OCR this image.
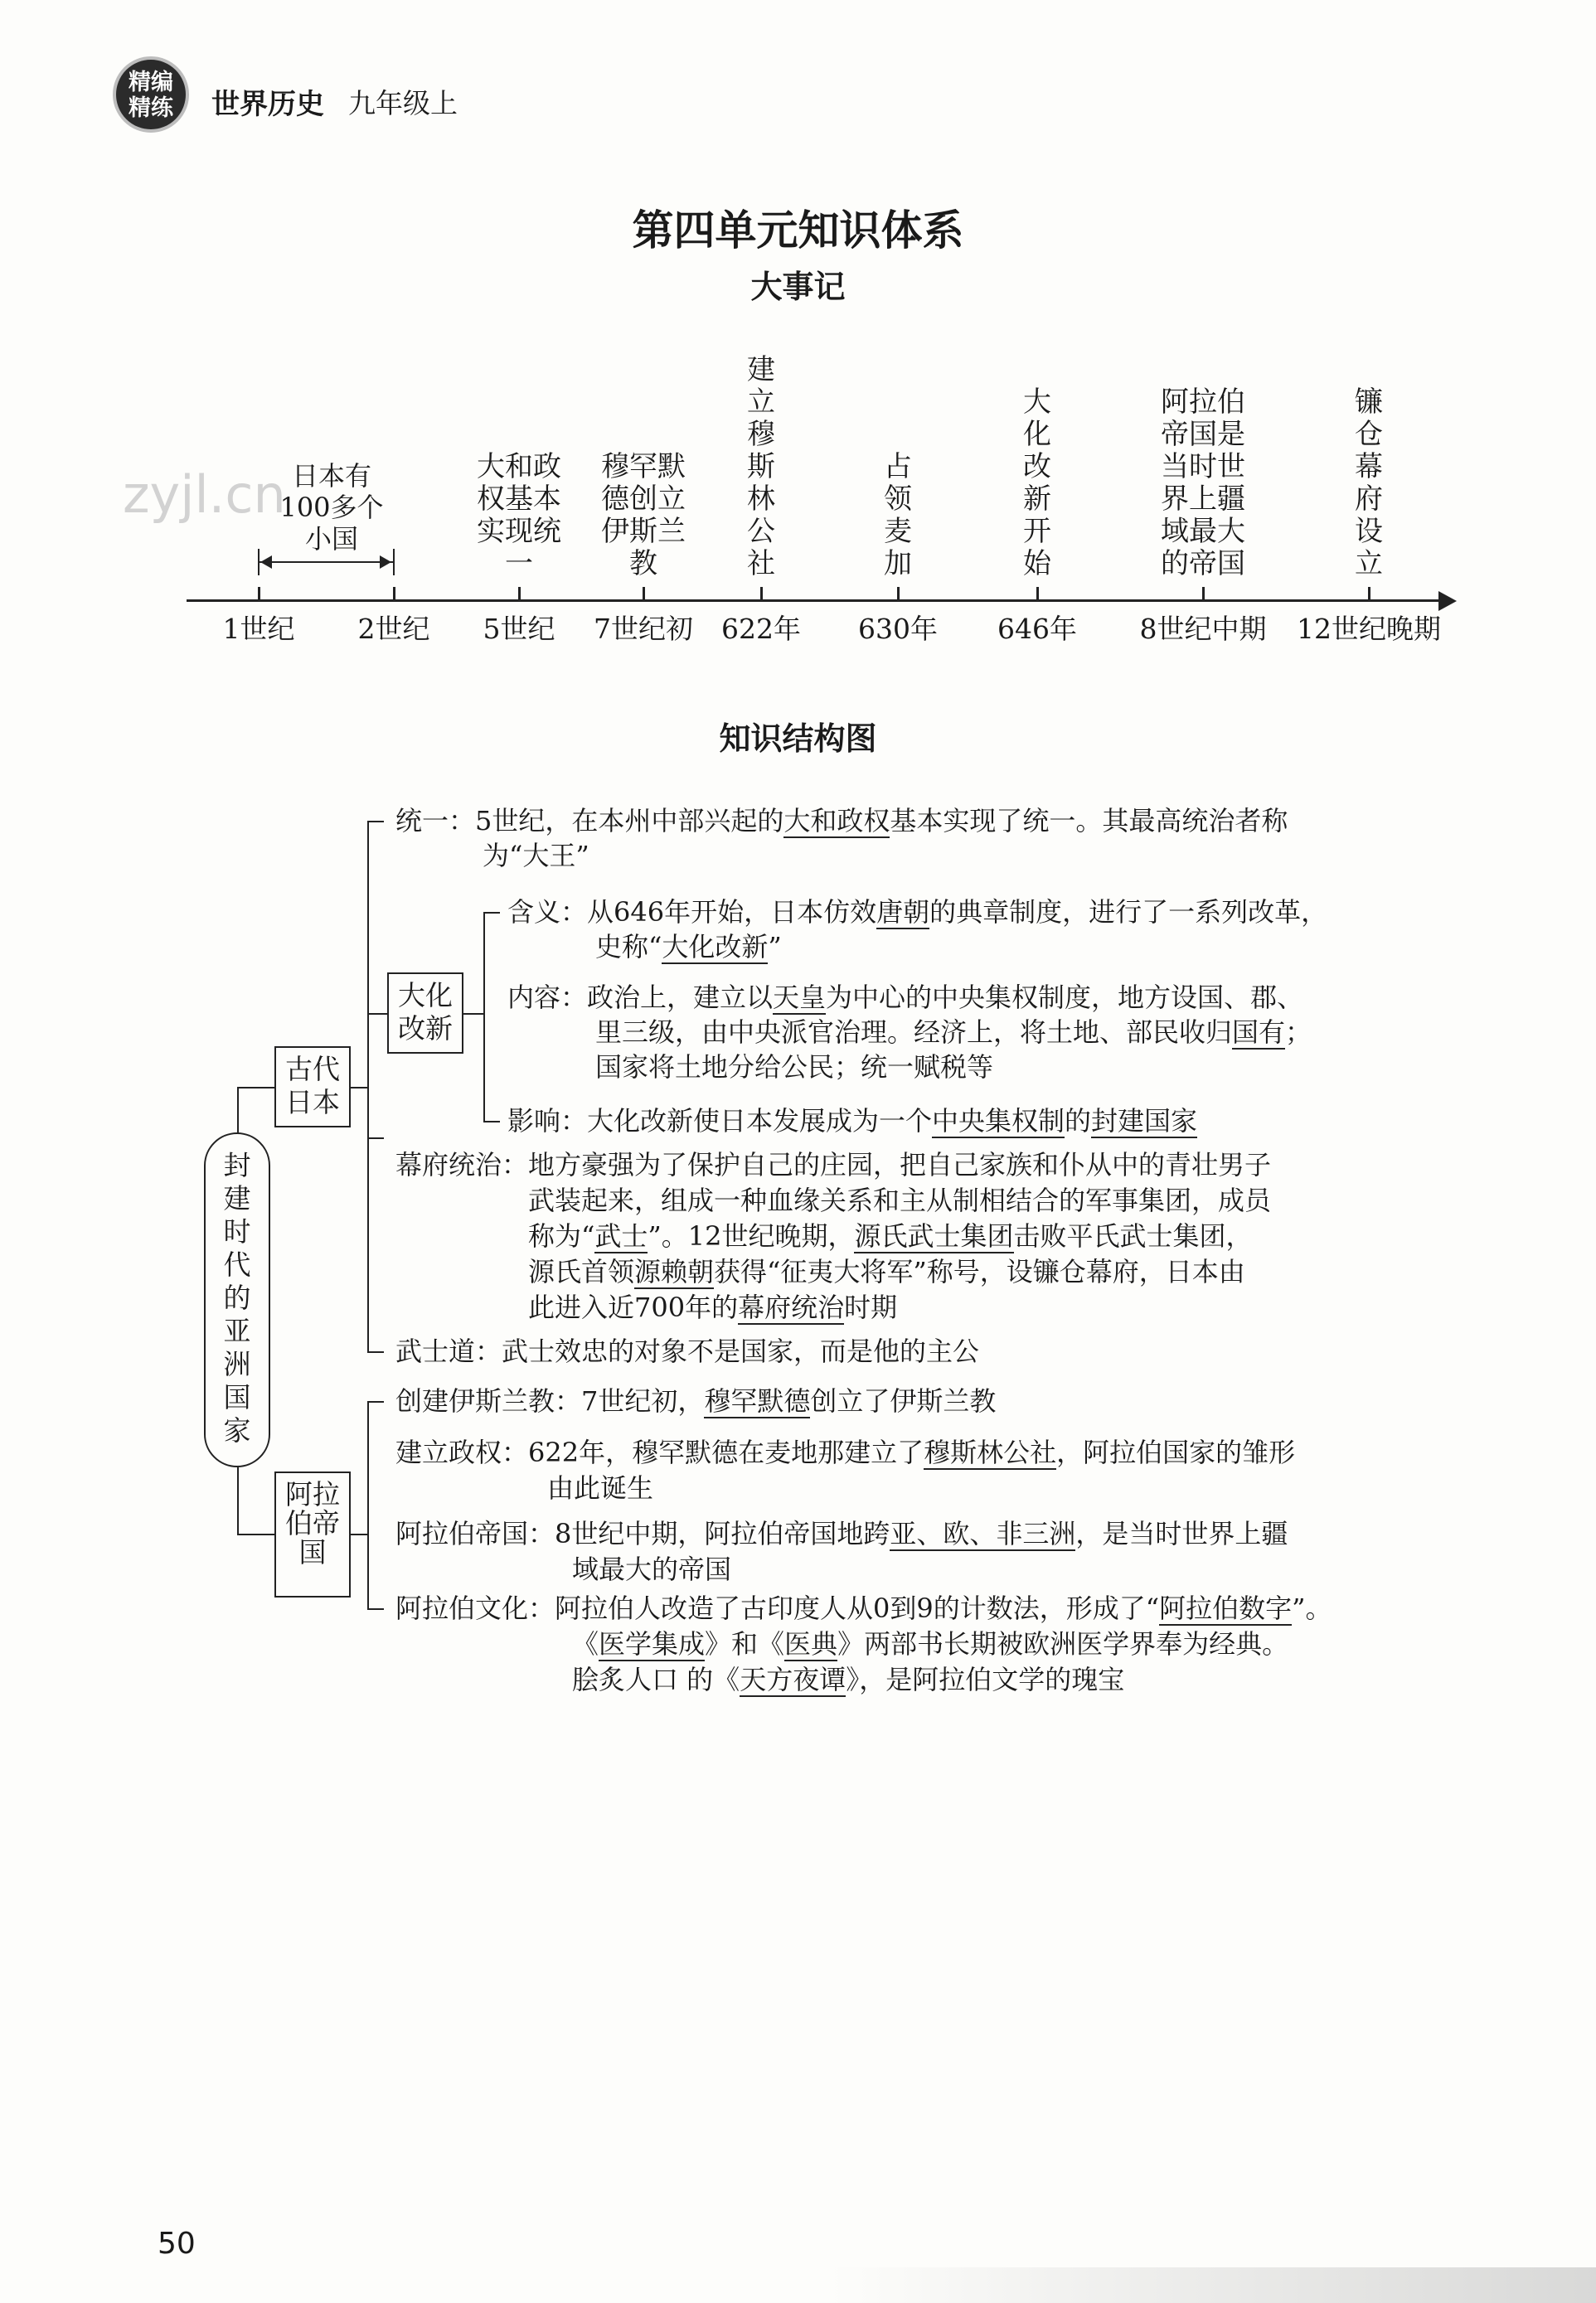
精编
精练	世界历史 九年级上
第四单元知识体系
大事记
zyjl.cn
1世纪 2世纪 5世纪 7世纪初 622年 630年 646年 8世纪中期 12世纪晚期
日本有100多个小国
大和政权基本实现统一
穆罕默德创立伊斯兰教
建立穆斯林公社
占领麦加
大化改新开始
阿拉伯帝国是当时世界上疆域最大的帝国
镰仓幕府设立
知识结构图
封建时代的亚洲国家
古代日本
阿拉伯帝国
大化改新
统一：5世纪，在本州中部兴起的大和政权基本实现了统一。其最高统治者称
为“大王”
含义：从646年开始，日本仿效唐朝的典章制度，进行了一系列改革，
史称“大化改新”
内容：政治上，建立以天皇为中心的中央集权制度，地方设国、郡、
里三级，由中央派官治理。经济上，将土地、部民收归国有；
国家将土地分给公民；统一赋税等
影响：大化改新使日本发展成为一个中央集权制的封建国家
幕府统治：地方豪强为了保护自己的庄园，把自己家族和仆从中的青壮男子
武装起来，组成一种血缘关系和主从制相结合的军事集团，成员
称为“武士”。12世纪晚期，源氏武士集团击败平氏武士集团，
源氏首领源赖朝获得“征夷大将军”称号，设镰仓幕府，日本由
此进入近700年的幕府统治时期
武士道：武士效忠的对象不是国家，而是他的主公
创建伊斯兰教：7世纪初，穆罕默德创立了伊斯兰教
建立政权：622年，穆罕默德在麦地那建立了穆斯林公社，阿拉伯国家的雏形
由此诞生
阿拉伯帝国：8世纪中期，阿拉伯帝国地跨亚、欧、非三洲，是当时世界上疆
域最大的帝国
阿拉伯文化：阿拉伯人改造了古印度人从0到9的计数法，形成了“阿拉伯数字”。
《医学集成》和《医典》两部书长期被欧洲医学界奉为经典。
脍炙人口 的《天方夜谭》，是阿拉伯文学的瑰宝
50
